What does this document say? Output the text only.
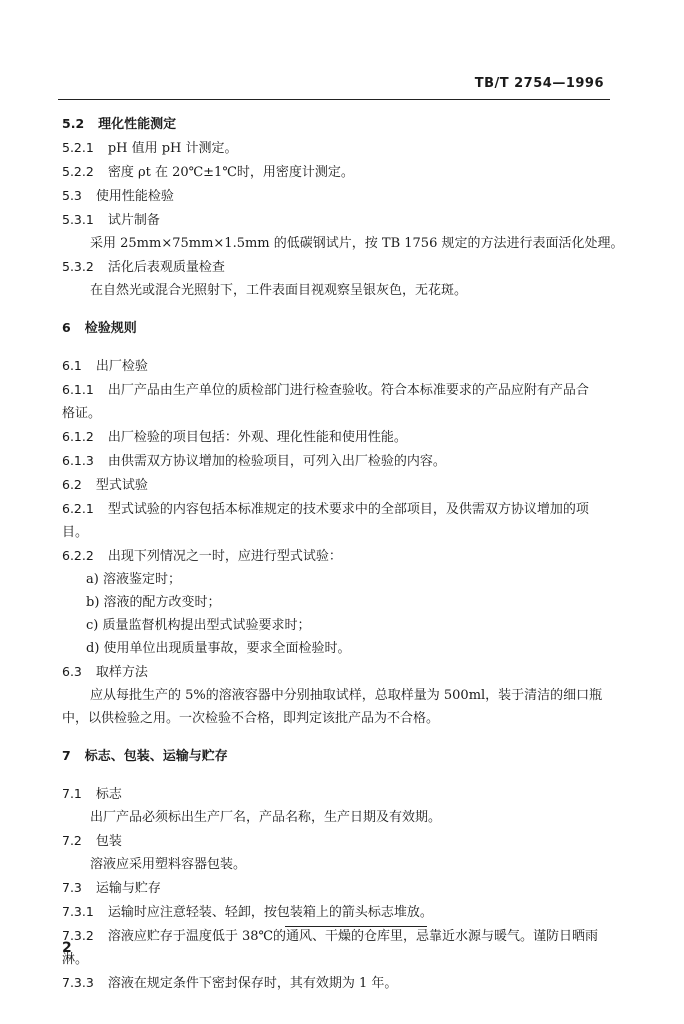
TB/T 2754—1996
5.2 理化性能测定
5.2.1 pH 值用 pH 计测定。
5.2.2 密度 ρt 在 20℃±1℃时，用密度计测定。
5.3 使用性能检验
5.3.1 试片制备
采用 25mm×75mm×1.5mm 的低碳钢试片，按 TB 1756 规定的方法进行表面活化处理。
5.3.2 活化后表观质量检查
在自然光或混合光照射下，工件表面目视观察呈银灰色，无花斑。
6 检验规则
6.1 出厂检验
6.1.1 出厂产品由生产单位的质检部门进行检查验收。符合本标准要求的产品应附有产品合
格证。
6.1.2 出厂检验的项目包括：外观、理化性能和使用性能。
6.1.3 由供需双方协议增加的检验项目，可列入出厂检验的内容。
6.2 型式试验
6.2.1 型式试验的内容包括本标准规定的技术要求中的全部项目，及供需双方协议增加的项
目。
6.2.2 出现下列情况之一时，应进行型式试验：
a) 溶液鉴定时；
b) 溶液的配方改变时；
c) 质量监督机构提出型式试验要求时；
d) 使用单位出现质量事故，要求全面检验时。
6.3 取样方法
应从每批生产的 5%的溶液容器中分别抽取试样，总取样量为 500ml，装于清洁的细口瓶
中，以供检验之用。一次检验不合格，即判定该批产品为不合格。
7 标志、包装、运输与贮存
7.1 标志
出厂产品必须标出生产厂名，产品名称，生产日期及有效期。
7.2 包装
溶液应采用塑料容器包装。
7.3 运输与贮存
7.3.1 运输时应注意轻装、轻卸，按包装箱上的箭头标志堆放。
7.3.2 溶液应贮存于温度低于 38℃的通风、干燥的仓库里，忌靠近水源与暖气。谨防日晒雨
淋。
7.3.3 溶液在规定条件下密封保存时，其有效期为 1 年。
2
